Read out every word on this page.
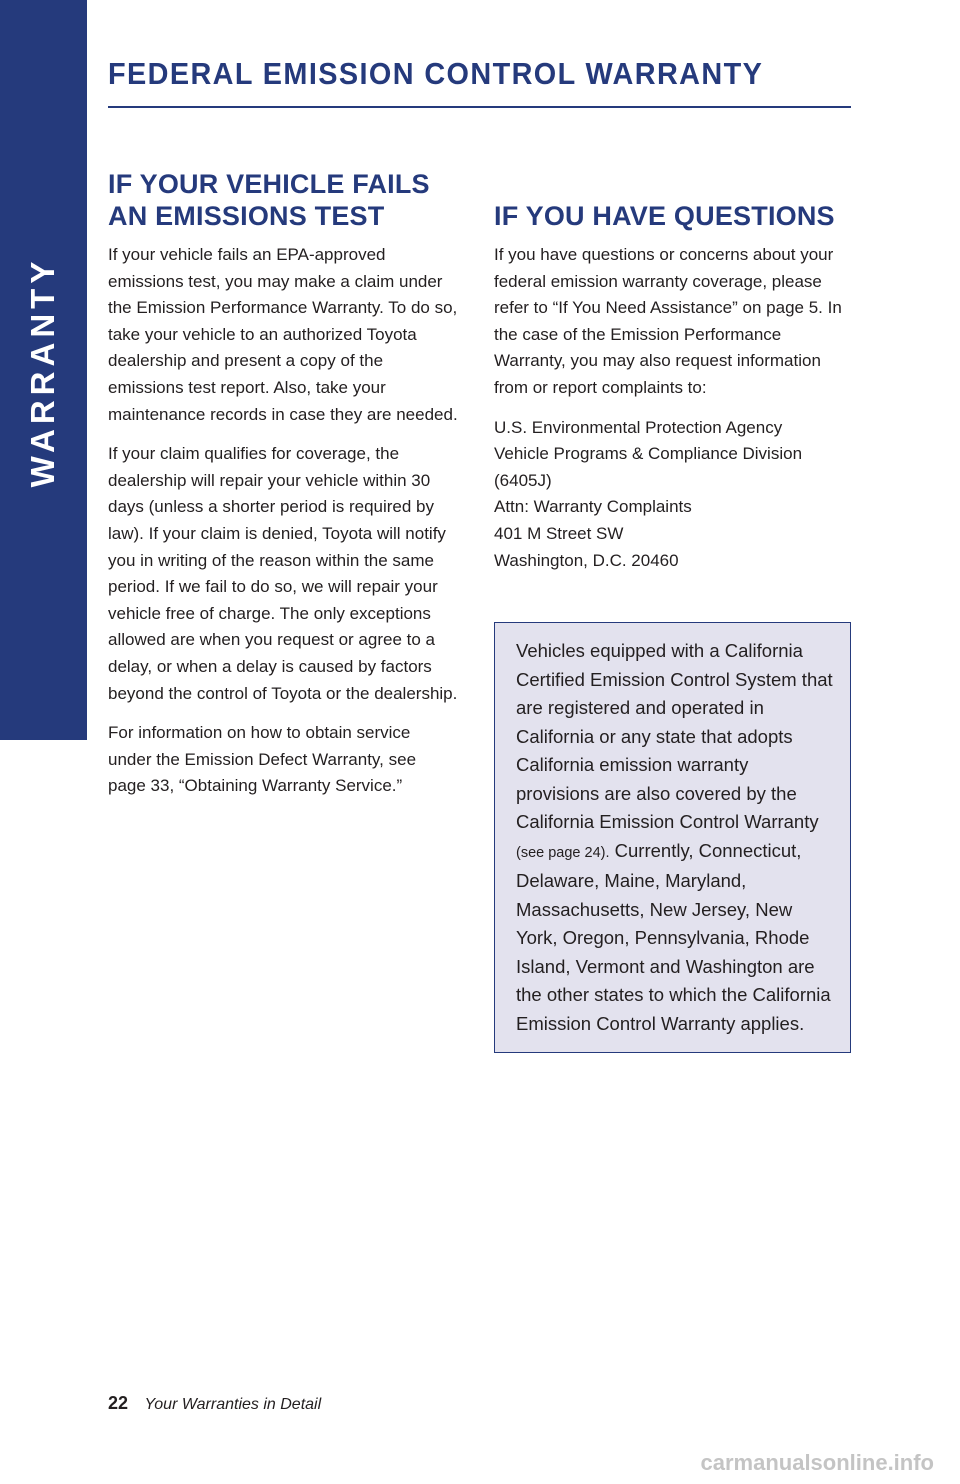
WARRANTY
FEDERAL EMISSION CONTROL WARRANTY
IF YOUR VEHICLE FAILS
AN EMISSIONS TEST

If your vehicle fails an EPA-approved emissions test, you may make a claim under the Emission Performance Warranty. To do so, take your vehicle to an authorized Toyota dealership and present a copy of the emissions test report. Also, take your maintenance records in case they are needed.

If your claim qualifies for coverage, the dealership will repair your vehicle within 30 days (unless a shorter period is required by law). If your claim is denied, Toyota will notify you in writing of the reason within the same period. If we fail to do so, we will repair your vehicle free of charge. The only exceptions allowed are when you request or agree to a delay, or when a delay is caused by factors beyond the control of Toyota or the dealership.

For information on how to obtain service under the Emission Defect Warranty, see page 33, “Obtaining Warranty Service.”

IF YOU HAVE QUESTIONS

If you have questions or concerns about your federal emission warranty coverage, please refer to “If You Need Assistance” on page 5. In the case of the Emission Performance Warranty, you may also request information from or report complaints to:

U.S. Environmental Protection Agency
Vehicle Programs & Compliance Division
(6405J)
Attn: Warranty Complaints
401 M Street SW
Washington, D.C. 20460

Vehicles equipped with a California Certified Emission Control System that are registered and operated in California or any state that adopts California emission warranty provisions are also covered by the California Emission Control Warranty (see page 24). Currently, Connecticut, Delaware, Maine, Maryland, Massachusetts, New Jersey, New York, Oregon, Pennsylvania, Rhode Island, Vermont and Washington are the other states to which the California Emission Control Warranty applies.

22 Your Warranties in Detail
carmanualsonline.info
